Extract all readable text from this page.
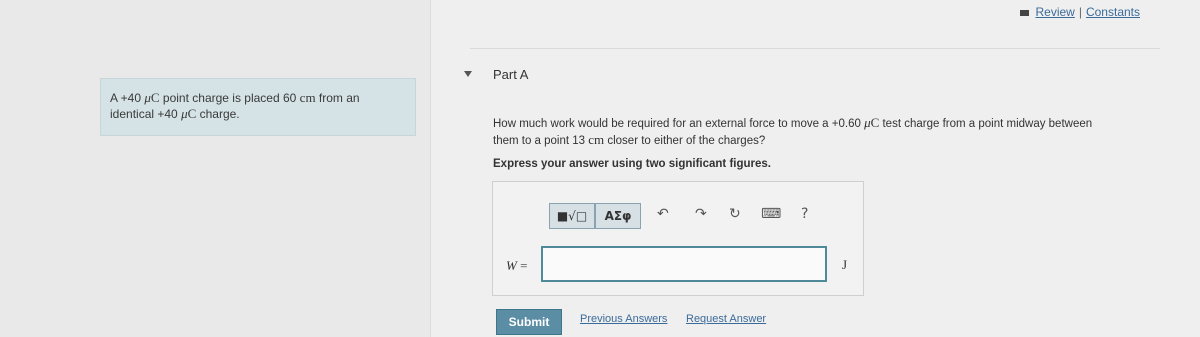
A +40 μC point charge is placed 60 cm from an
identical +40 μC charge.
Review | Constants
Part A
How much work would be required for an external force to move a +0.60 μC test charge from a point midway between
them to a point 13 cm closer to either of the charges?
Express your answer using two significant figures.
■√□	ΑΣφ	↶ ↷ ↻ ⌨ ?
W =	J
Submit	Previous Answers Request Answer
